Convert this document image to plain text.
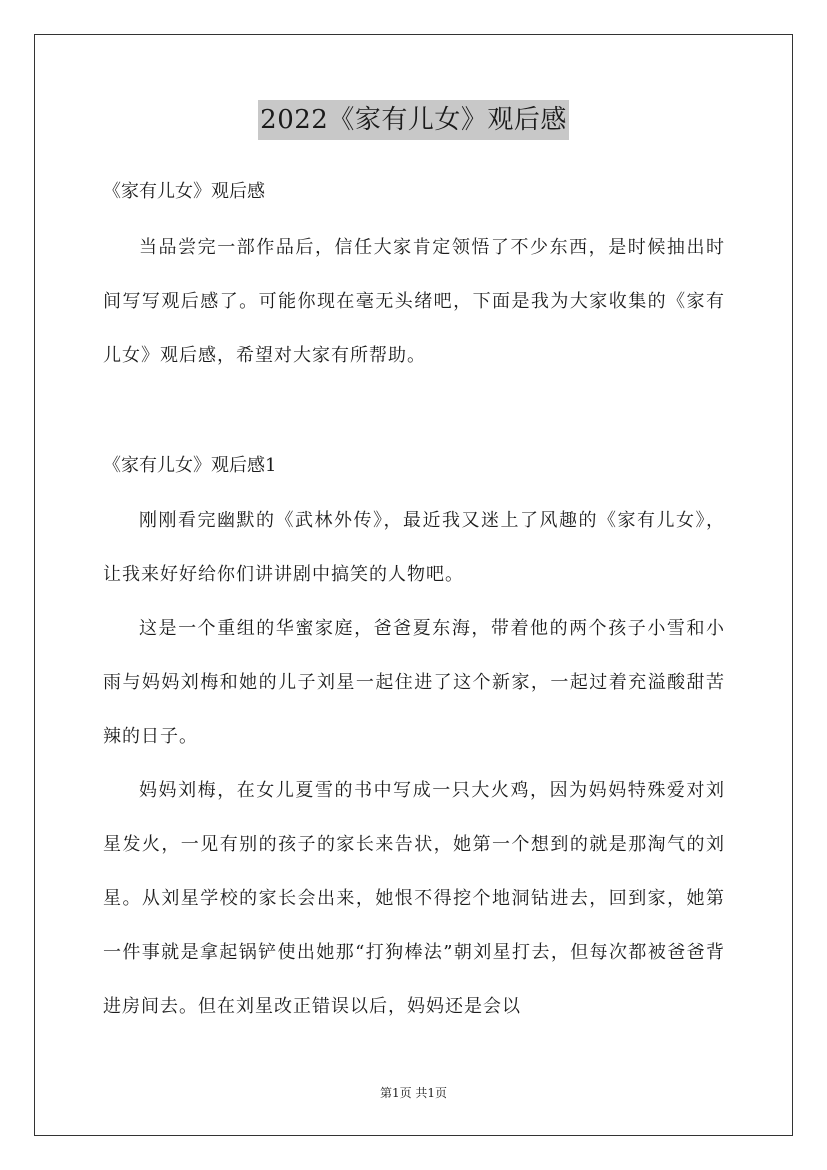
2022《家有儿女》观后感

《家有儿女》观后感

当品尝完一部作品后，信任大家肯定领悟了不少东西，是时候抽出时间写写观后感了。可能你现在毫无头绪吧，下面是我为大家收集的《家有儿女》观后感，希望对大家有所帮助。

《家有儿女》观后感1

刚刚看完幽默的《武林外传》，最近我又迷上了风趣的《家有儿女》，让我来好好给你们讲讲剧中搞笑的人物吧。

这是一个重组的华蜜家庭，爸爸夏东海，带着他的两个孩子小雪和小雨与妈妈刘梅和她的儿子刘星一起住进了这个新家，一起过着充溢酸甜苦辣的日子。

妈妈刘梅，在女儿夏雪的书中写成一只大火鸡，因为妈妈特殊爱对刘星发火，一见有别的孩子的家长来告状，她第一个想到的就是那淘气的刘星。从刘星学校的家长会出来，她恨不得挖个地洞钻进去，回到家，她第一件事就是拿起锅铲使出她那“打狗棒法”朝刘星打去，但每次都被爸爸背进房间去。但在刘星改正错误以后，妈妈还是会以

第1页 共1页
